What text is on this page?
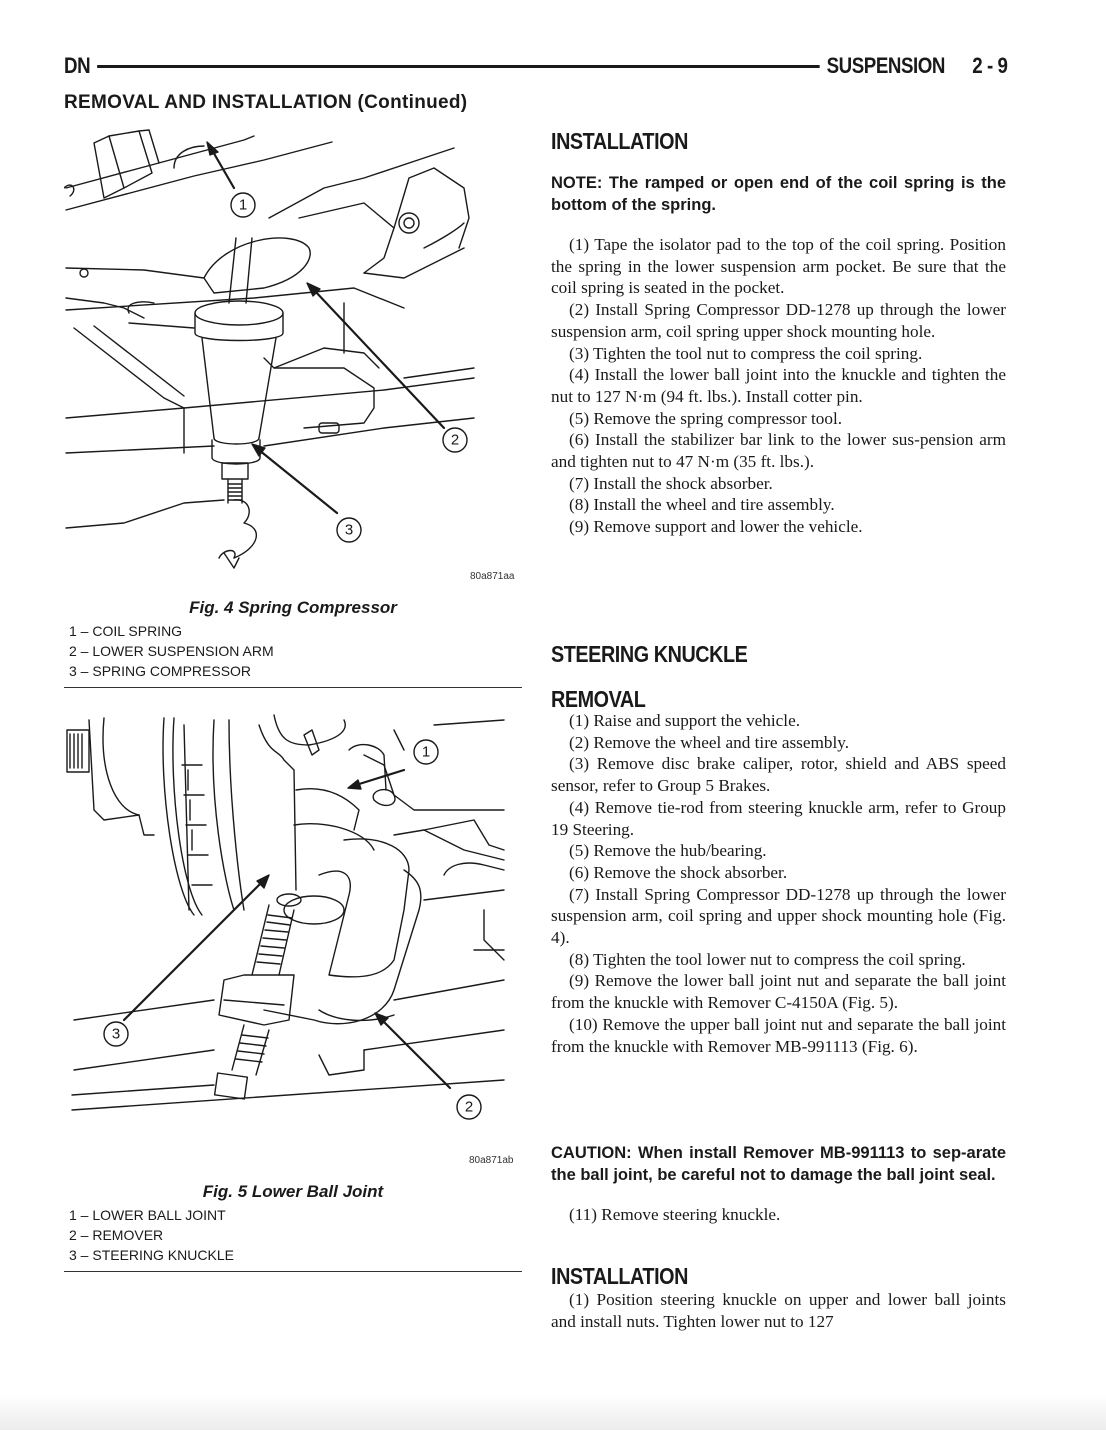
DN	SUSPENSION 2 - 9
REMOVAL AND INSTALLATION (Continued)
1
2
3
80a871aa
Fig. 4 Spring Compressor
1 – COIL SPRING
2 – LOWER SUSPENSION ARM
3 – SPRING COMPRESSOR
1
2
3
80a871ab
Fig. 5 Lower Ball Joint
1 – LOWER BALL JOINT
2 – REMOVER
3 – STEERING KNUCKLE
INSTALLATION
NOTE: The ramped or open end of the coil spring is the bottom of the spring.

(1) Tape the isolator pad to the top of the coil spring. Position the spring in the lower suspension arm pocket. Be sure that the coil spring is seated in the pocket.

(2) Install Spring Compressor DD-1278 up through the lower suspension arm, coil spring upper shock mounting hole.

(3) Tighten the tool nut to compress the coil spring.

(4) Install the lower ball joint into the knuckle and tighten the nut to 127 N·m (94 ft. lbs.). Install cotter pin.

(5) Remove the spring compressor tool.

(6) Install the stabilizer bar link to the lower sus-pension arm and tighten nut to 47 N·m (35 ft. lbs.).

(7) Install the shock absorber.

(8) Install the wheel and tire assembly.

(9) Remove support and lower the vehicle.

STEERING KNUCKLE
REMOVAL

(1) Raise and support the vehicle.

(2) Remove the wheel and tire assembly.

(3) Remove disc brake caliper, rotor, shield and ABS speed sensor, refer to Group 5 Brakes.

(4) Remove tie-rod from steering knuckle arm, refer to Group 19 Steering.

(5) Remove the hub/bearing.

(6) Remove the shock absorber.

(7) Install Spring Compressor DD-1278 up through the lower suspension arm, coil spring and upper shock mounting hole (Fig. 4).

(8) Tighten the tool lower nut to compress the coil spring.

(9) Remove the lower ball joint nut and separate the ball joint from the knuckle with Remover C-4150A (Fig. 5).

(10) Remove the upper ball joint nut and separate the ball joint from the knuckle with Remover MB-991113 (Fig. 6).

CAUTION: When install Remover MB-991113 to sep-arate the ball joint, be careful not to damage the ball joint seal.

(11) Remove steering knuckle.

INSTALLATION

(1) Position steering knuckle on upper and lower ball joints and install nuts. Tighten lower nut to 127
